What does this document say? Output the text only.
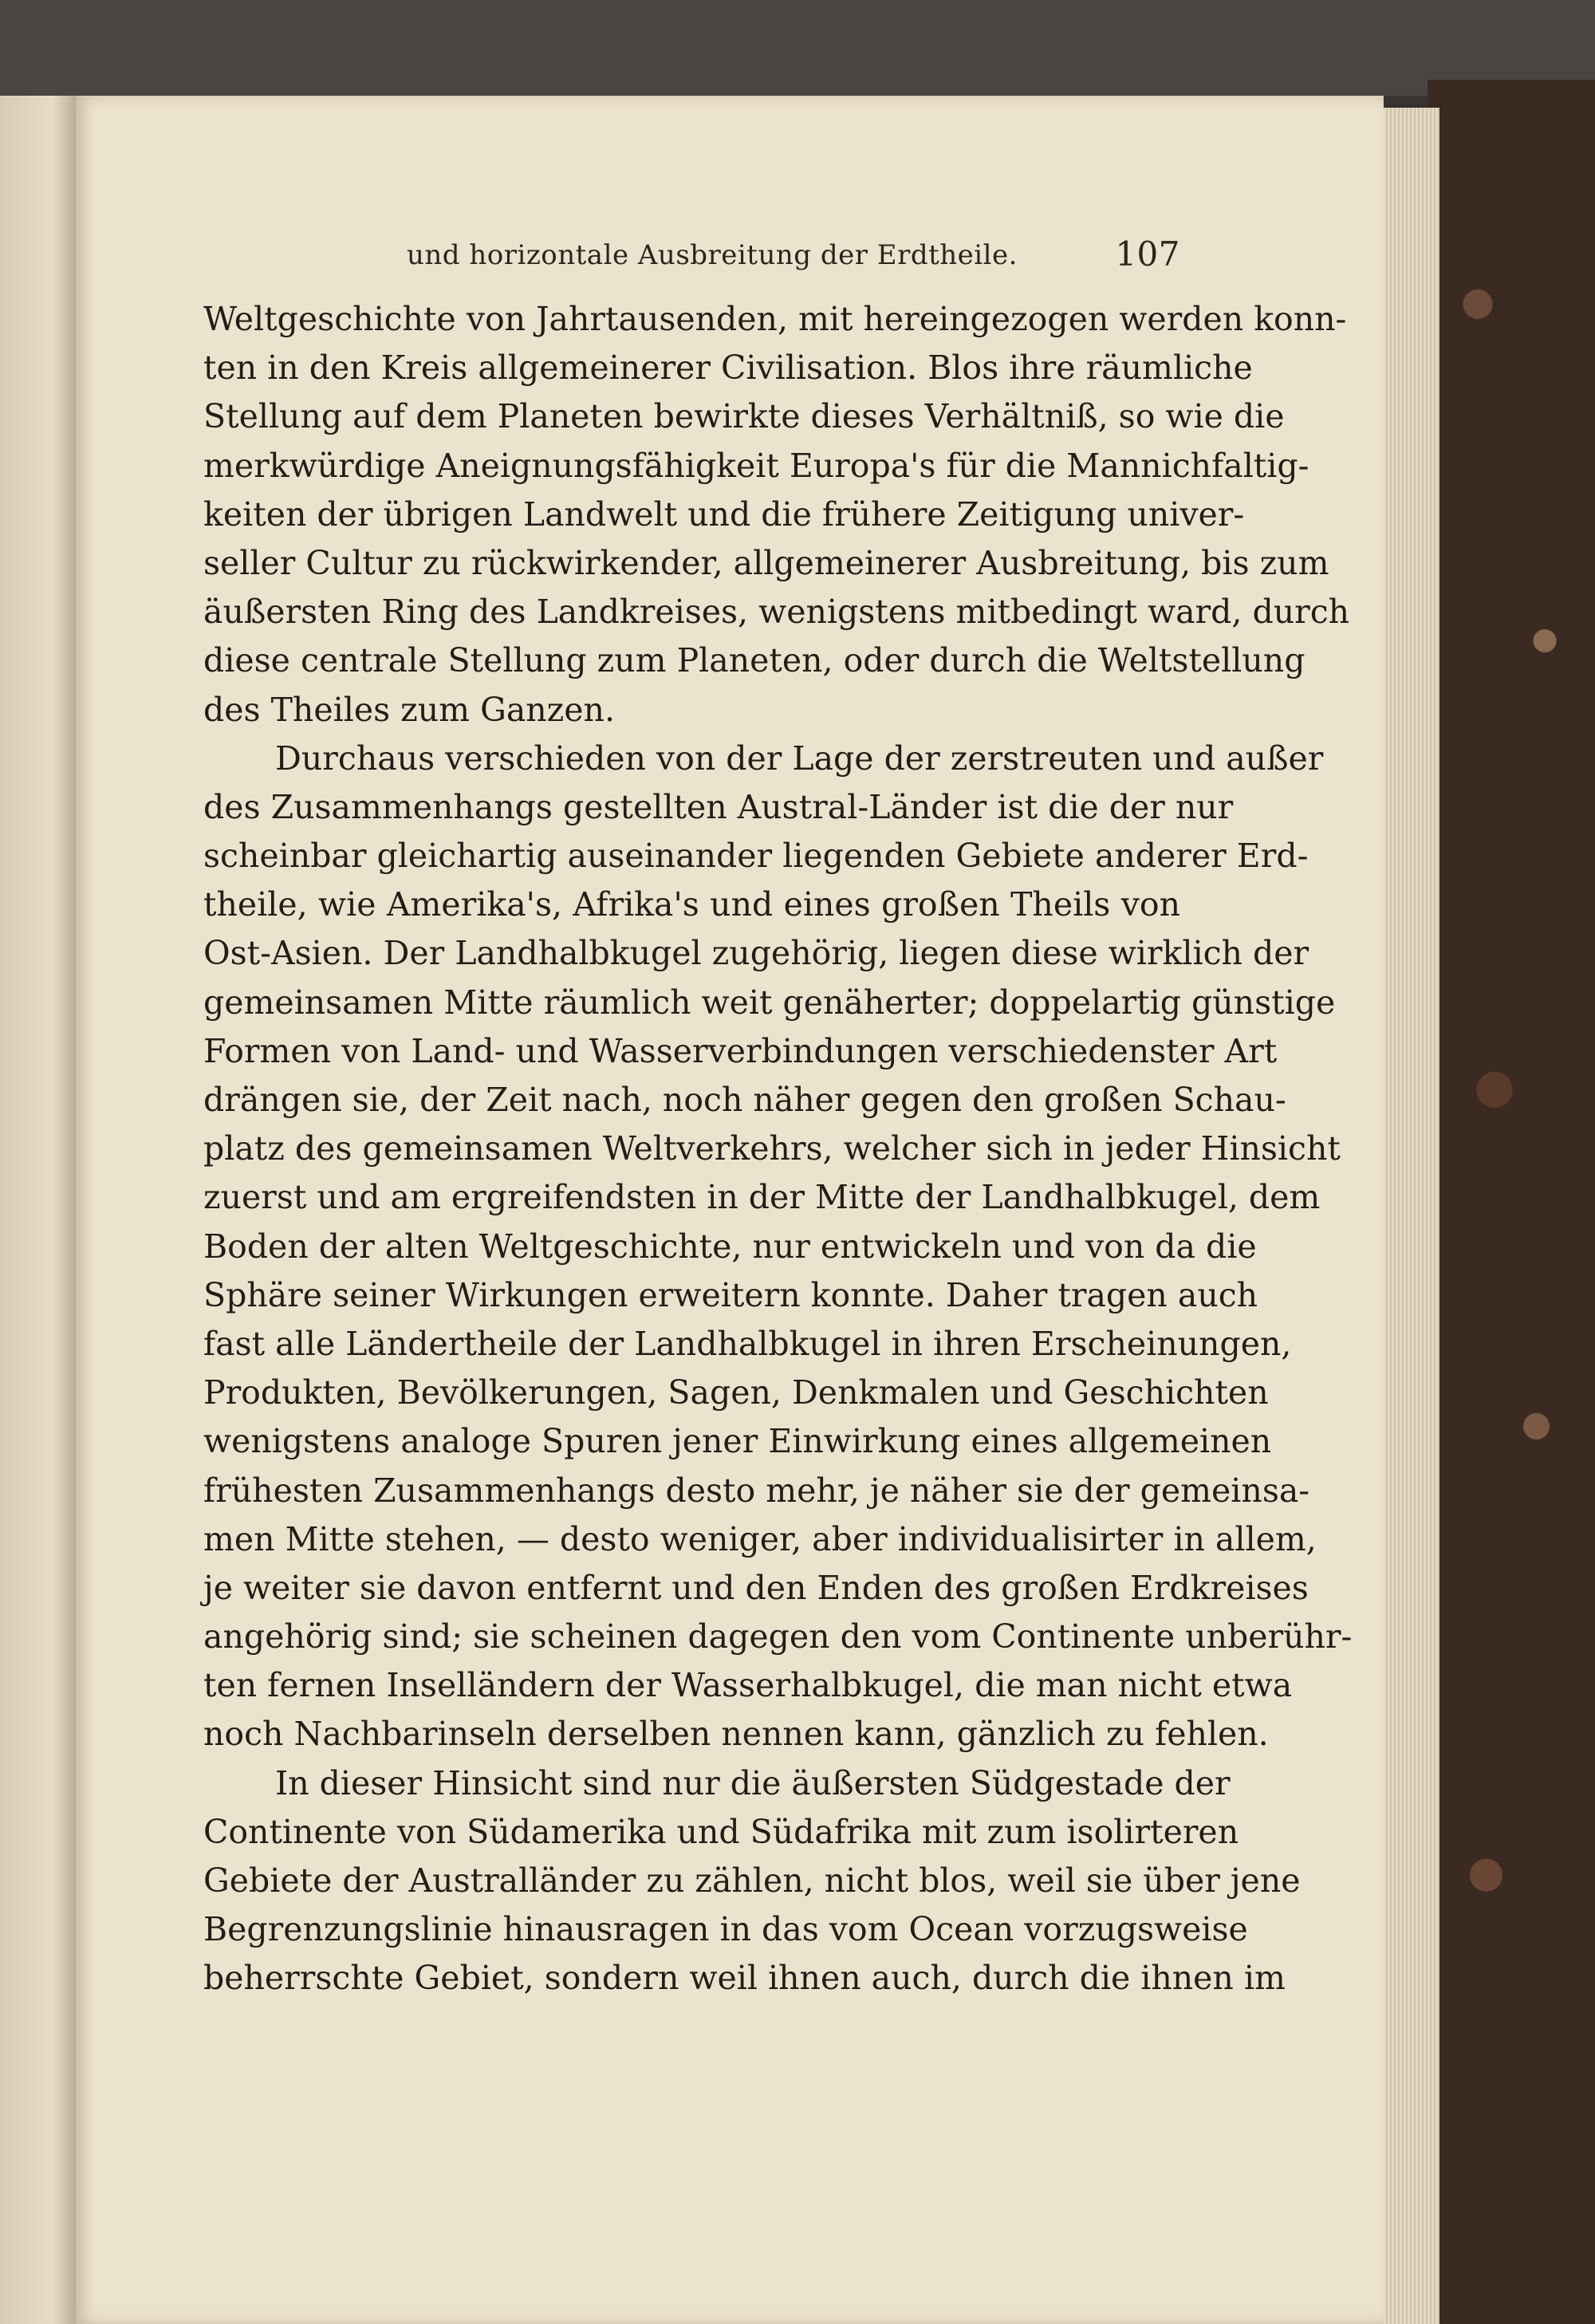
und horizontale Ausbreitung der Erdtheile.	107
Weltgeschichte von Jahrtausenden, mit hereingezogen werden konn-
ten in den Kreis allgemeinerer Civilisation. Blos ihre räumliche
Stellung auf dem Planeten bewirkte dieses Verhältniß, so wie die
merkwürdige Aneignungsfähigkeit Europa's für die Mannichfaltig-
keiten der übrigen Landwelt und die frühere Zeitigung univer-
seller Cultur zu rückwirkender, allgemeinerer Ausbreitung, bis zum
äußersten Ring des Landkreises, wenigstens mitbedingt ward, durch
diese centrale Stellung zum Planeten, oder durch die Weltstellung
des Theiles zum Ganzen.
Durchaus verschieden von der Lage der zerstreuten und außer
des Zusammenhangs gestellten Austral-Länder ist die der nur
scheinbar gleichartig auseinander liegenden Gebiete anderer Erd-
theile, wie Amerika's, Afrika's und eines großen Theils von
Ost-Asien. Der Landhalbkugel zugehörig, liegen diese wirklich der
gemeinsamen Mitte räumlich weit genäherter; doppelartig günstige
Formen von Land- und Wasserverbindungen verschiedenster Art
drängen sie, der Zeit nach, noch näher gegen den großen Schau-
platz des gemeinsamen Weltverkehrs, welcher sich in jeder Hinsicht
zuerst und am ergreifendsten in der Mitte der Landhalbkugel, dem
Boden der alten Weltgeschichte, nur entwickeln und von da die
Sphäre seiner Wirkungen erweitern konnte. Daher tragen auch
fast alle Ländertheile der Landhalbkugel in ihren Erscheinungen,
Produkten, Bevölkerungen, Sagen, Denkmalen und Geschichten
wenigstens analoge Spuren jener Einwirkung eines allgemeinen
frühesten Zusammenhangs desto mehr, je näher sie der gemeinsa-
men Mitte stehen, — desto weniger, aber individualisirter in allem,
je weiter sie davon entfernt und den Enden des großen Erdkreises
angehörig sind; sie scheinen dagegen den vom Continente unberühr-
ten fernen Inselländern der Wasserhalbkugel, die man nicht etwa
noch Nachbarinseln derselben nennen kann, gänzlich zu fehlen.
In dieser Hinsicht sind nur die äußersten Südgestade der
Continente von Südamerika und Südafrika mit zum isolirteren
Gebiete der Australländer zu zählen, nicht blos, weil sie über jene
Begrenzungslinie hinausragen in das vom Ocean vorzugsweise
beherrschte Gebiet, sondern weil ihnen auch, durch die ihnen im
